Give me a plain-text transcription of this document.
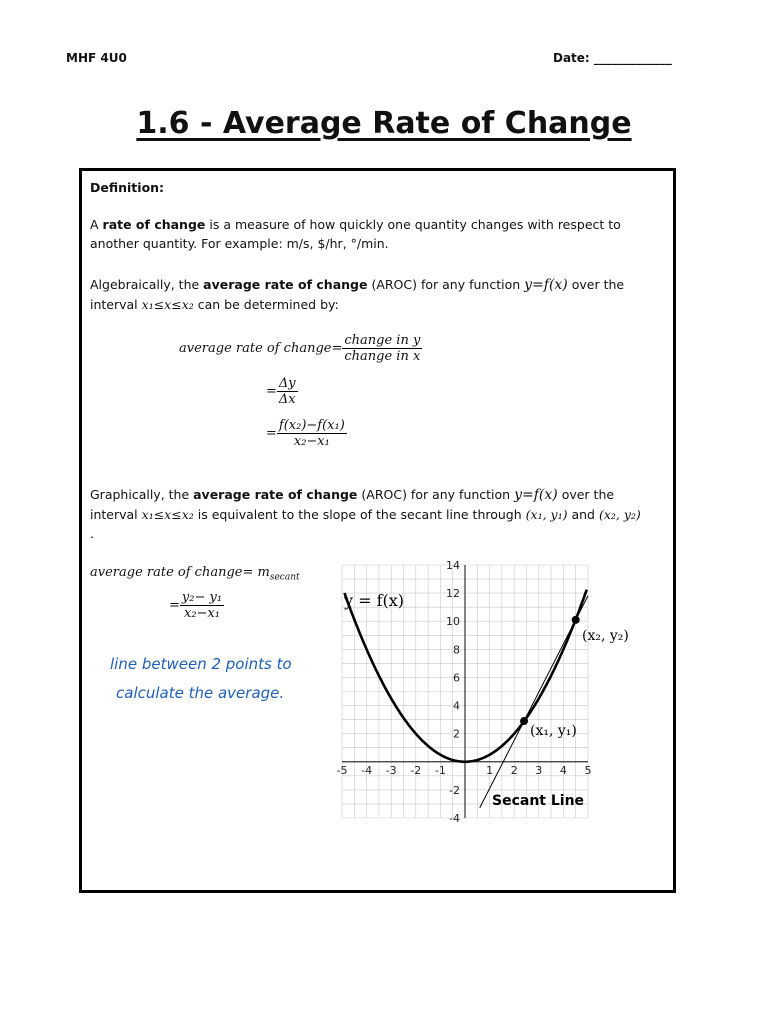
MHF 4U0	Date: _____________
1.6 - Average Rate of Change
Definition:
A rate of change is a measure of how quickly one quantity changes with respect to
another quantity. For example: m/s, $/hr, °/min.
Algebraically, the average rate of change (AROC) for any function y=f(x) over the
interval x₁≤x≤x₂ can be determined by:
average rate of change= $\frac{\text{change in y}}{\text{change in x}}$
= $\frac{\Delta y}{\Delta x}$
= $\frac{\text{f(x₂)−f(x₁)}}{\text{x₂−x₁}}$
Graphically, the average rate of change (AROC) for any function y=f(x) over the
interval x₁≤x≤x₂ is equivalent to the slope of the secant line through (x₁, y₁) and (x₂, y₂)
.
average rate of change= $m_{secant}$
= $\frac{\text{y₂− y₁}}{\text{x₂−x₁}}$
line between 2 points to
calculate the average.
-5 -4 -3 -2 -1	1 2 3 4 5
-4
-2
2
4
6
8
10
12
14
y = f(x)
(x₁, y₁)
(x₂, y₂)
Secant Line
